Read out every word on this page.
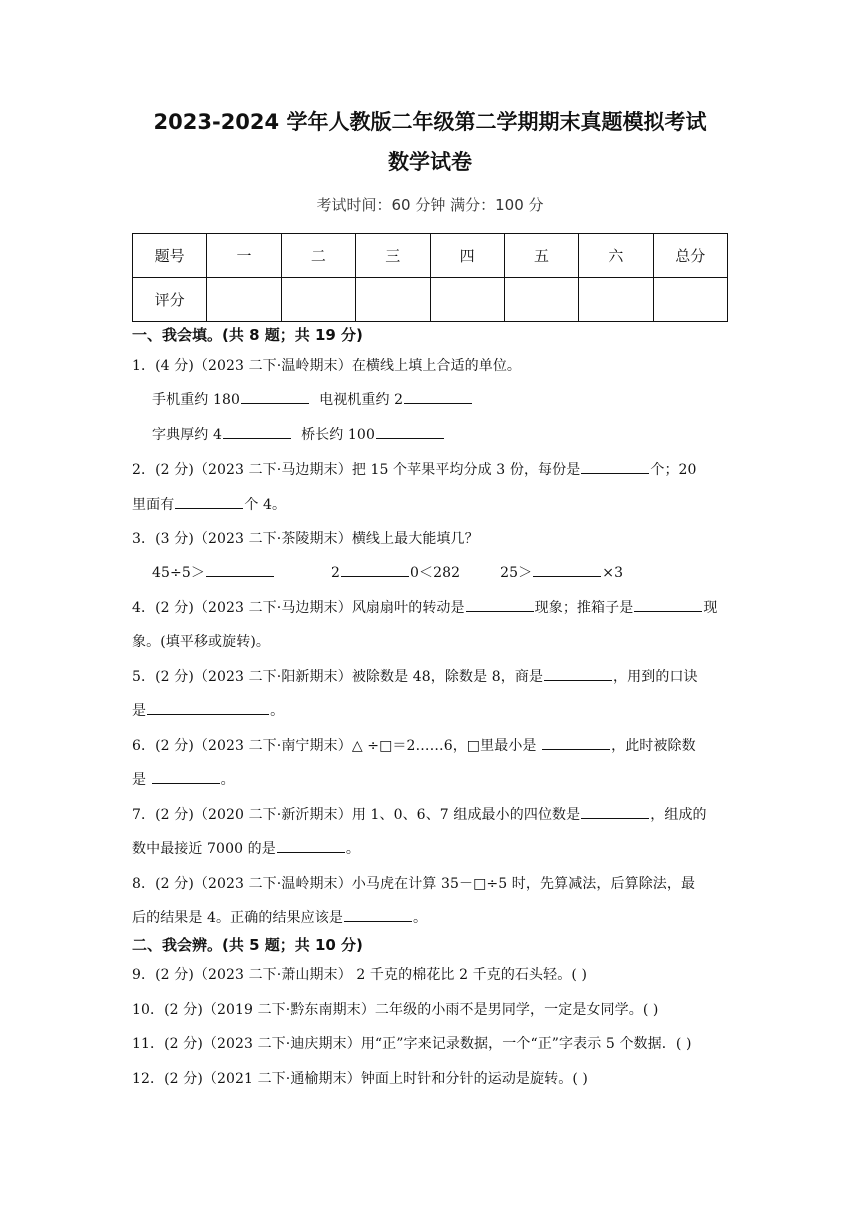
2023-2024 学年人教版二年级第二学期期末真题模拟考试
数学试卷
考试时间：60 分钟 满分：100 分
题号	一	二	三	四	五	六	总分
评分							
一、我会填。(共 8 题；共 19 分)
1．(4 分)（2023 二下·温岭期末）在横线上填上合适的单位。
手机重约 180	电视机重约 2
字典厚约 4	桥长约 100
2．(2 分)（2023 二下·马边期末）把 15 个苹果平均分成 3 份，每份是	个；20
里面有	个 4。
3．(3 分)（2023 二下·茶陵期末）横线上最大能填几？
45÷5＞	2	0＜282	25＞	×3
4．(2 分)（2023 二下·马边期末）风扇扇叶的转动是	现象；推箱子是	现
象。(填平移或旋转)。
5．(2 分)（2023 二下·阳新期末）被除数是 48，除数是 8，商是	，用到的口诀
是	。
6．(2 分)（2023 二下·南宁期末）△ ÷□＝2……6，□里最小是	，此时被除数
是	。
7．(2 分)（2020 二下·新沂期末）用 1、0、6、7 组成最小的四位数是	，组成的
数中最接近 7000 的是	。
8．(2 分)（2023 二下·温岭期末）小马虎在计算 35－□÷5 时，先算减法，后算除法，最
后的结果是 4。正确的结果应该是	。
二、我会辨。(共 5 题；共 10 分)
9．(2 分)（2023 二下·萧山期末） 2 千克的棉花比 2 千克的石头轻。( )
10．(2 分)（2019 二下·黔东南期末）二年级的小雨不是男同学，一定是女同学。( )
11．(2 分)（2023 二下·迪庆期末）用“正”字来记录数据，一个“正”字表示 5 个数据．( )
12．(2 分)（2021 二下·通榆期末）钟面上时针和分针的运动是旋转。( )
